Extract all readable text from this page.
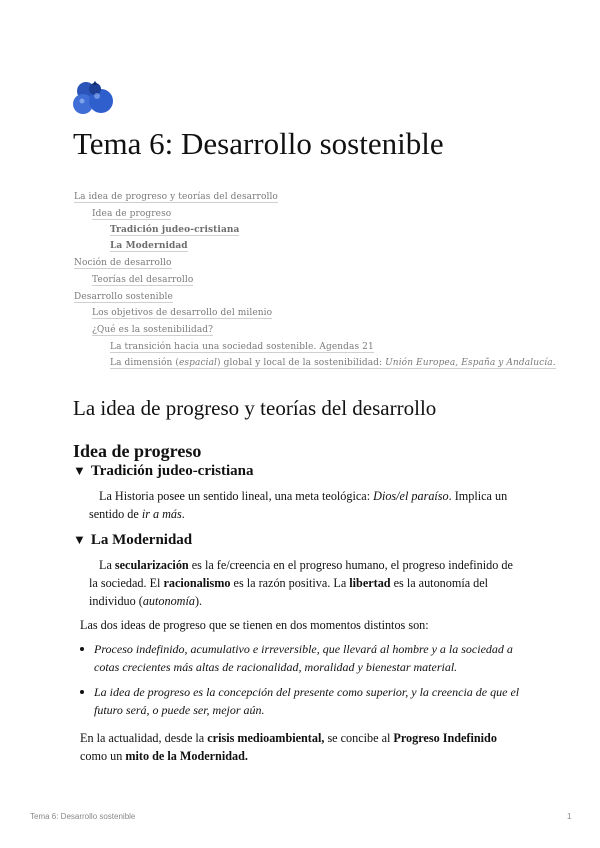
Tema 6: Desarrollo sostenible
La idea de progreso y teorías del desarrollo
Idea de progreso
Tradición judeo-cristiana
La Modernidad
Noción de desarrollo
Teorías del desarrollo
Desarrollo sostenible
Los objetivos de desarrollo del milenio
¿Qué es la sostenibilidad?
La transición hacia una sociedad sostenible. Agendas 21
La dimensión (espacial) global y local de la sostenibilidad: Unión Europea, España y Andalucía.
La idea de progreso y teorías del desarrollo
Idea de progreso
▼ Tradición judeo-cristiana
La Historia posee un sentido lineal, una meta teológica: Dios/el paraíso. Implica un sentido de ir a más.
▼ La Modernidad
La secularización es la fe/creencia en el progreso humano, el progreso indefinido de la sociedad. El racionalismo es la razón positiva. La libertad es la autonomía del individuo (autonomía).
Las dos ideas de progreso que se tienen en dos momentos distintos son:
Proceso indefinido, acumulativo e irreversible, que llevará al hombre y a la sociedad a cotas crecientes más altas de racionalidad, moralidad y bienestar material.
La idea de progreso es la concepción del presente como superior, y la creencia de que el futuro será, o puede ser, mejor aún.
En la actualidad, desde la crisis medioambiental, se concibe al Progreso Indefinido como un mito de la Modernidad.
Tema 6: Desarrollo sostenible	1
